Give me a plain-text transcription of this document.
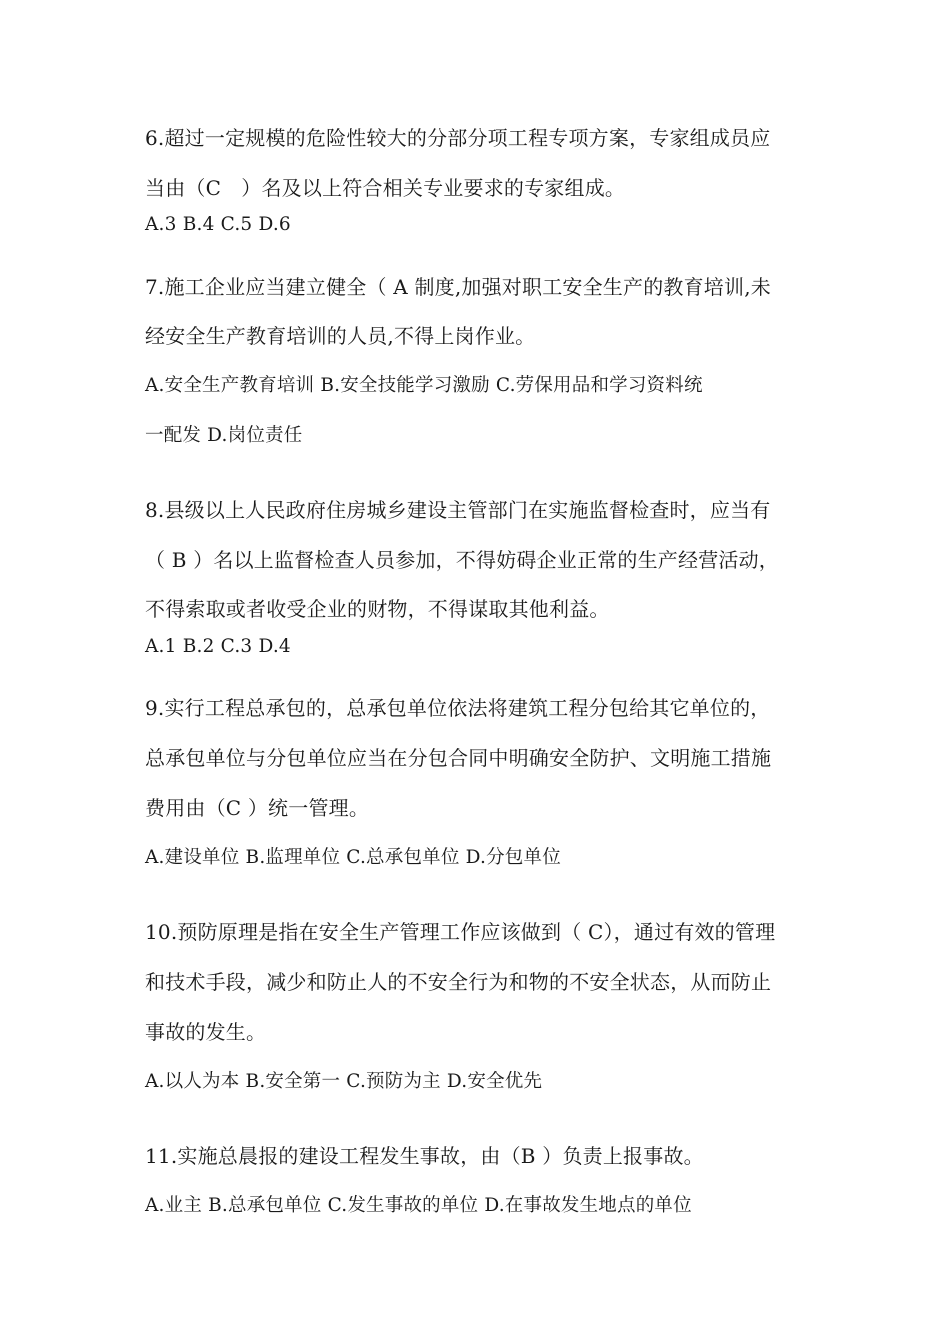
6.超过一定规模的危险性较大的分部分项工程专项方案，专家组成员应
当由（C　）名及以上符合相关专业要求的专家组成。
A.3 B.4 C.5 D.6
7.施工企业应当建立健全（ A 制度,加强对职工安全生产的教育培训,未
经安全生产教育培训的人员,不得上岗作业。
A.安全生产教育培训 B.安全技能学习激励 C.劳保用品和学习资料统
一配发 D.岗位责任
8.县级以上人民政府住房城乡建设主管部门在实施监督检查时，应当有
（ B ）名以上监督检查人员参加，不得妨碍企业正常的生产经营活动，
不得索取或者收受企业的财物，不得谋取其他利益。
A.1 B.2 C.3 D.4
9.实行工程总承包的，总承包单位依法将建筑工程分包给其它单位的，
总承包单位与分包单位应当在分包合同中明确安全防护、文明施工措施
费用由（C ）统一管理。
A.建设单位 B.监理单位 C.总承包单位 D.分包单位
10.预防原理是指在安全生产管理工作应该做到（ C），通过有效的管理
和技术手段，减少和防止人的不安全行为和物的不安全状态，从而防止
事故的发生。
A.以人为本 B.安全第一 C.预防为主 D.安全优先
11.实施总晨报的建设工程发生事故，由（B ）负责上报事故。
A.业主 B.总承包单位 C.发生事故的单位 D.在事故发生地点的单位
